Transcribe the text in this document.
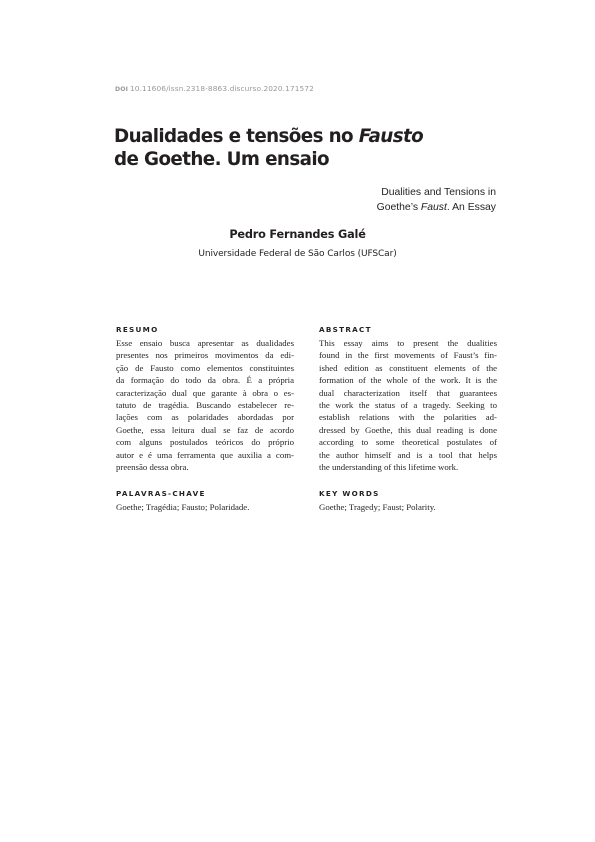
DOI 10.11606/issn.2318-8863.discurso.2020.171572
Dualidades e tensões no Fausto
de Goethe. Um ensaio
Dualities and Tensions in
Goethe’s Faust. An Essay
Pedro Fernandes Galé
Universidade Federal de São Carlos (UFSCar)
RESUMO
Esse ensaio busca apresentar as dualidades
presentes nos primeiros movimentos da edi-
ção de Fausto como elementos constituintes
da formação do todo da obra. É a própria
caracterização dual que garante à obra o es-
tatuto de tragédia. Buscando estabelecer re-
lações com as polaridades abordadas por
Goethe, essa leitura dual se faz de acordo
com alguns postulados teóricos do próprio
autor e é uma ferramenta que auxilia a com-
preensão dessa obra.
ABSTRACT
This essay aims to present the dualities
found in the first movements of Faust’s fin-
ished edition as constituent elements of the
formation of the whole of the work. It is the
dual characterization itself that guarantees
the work the status of a tragedy. Seeking to
establish relations with the polarities ad-
dressed by Goethe, this dual reading is done
according to some theoretical postulates of
the author himself and is a tool that helps
the understanding of this lifetime work.
PALAVRAS-CHAVE
Goethe; Tragédia; Fausto; Polaridade.
KEY WORDS
Goethe; Tragedy; Faust; Polarity.
